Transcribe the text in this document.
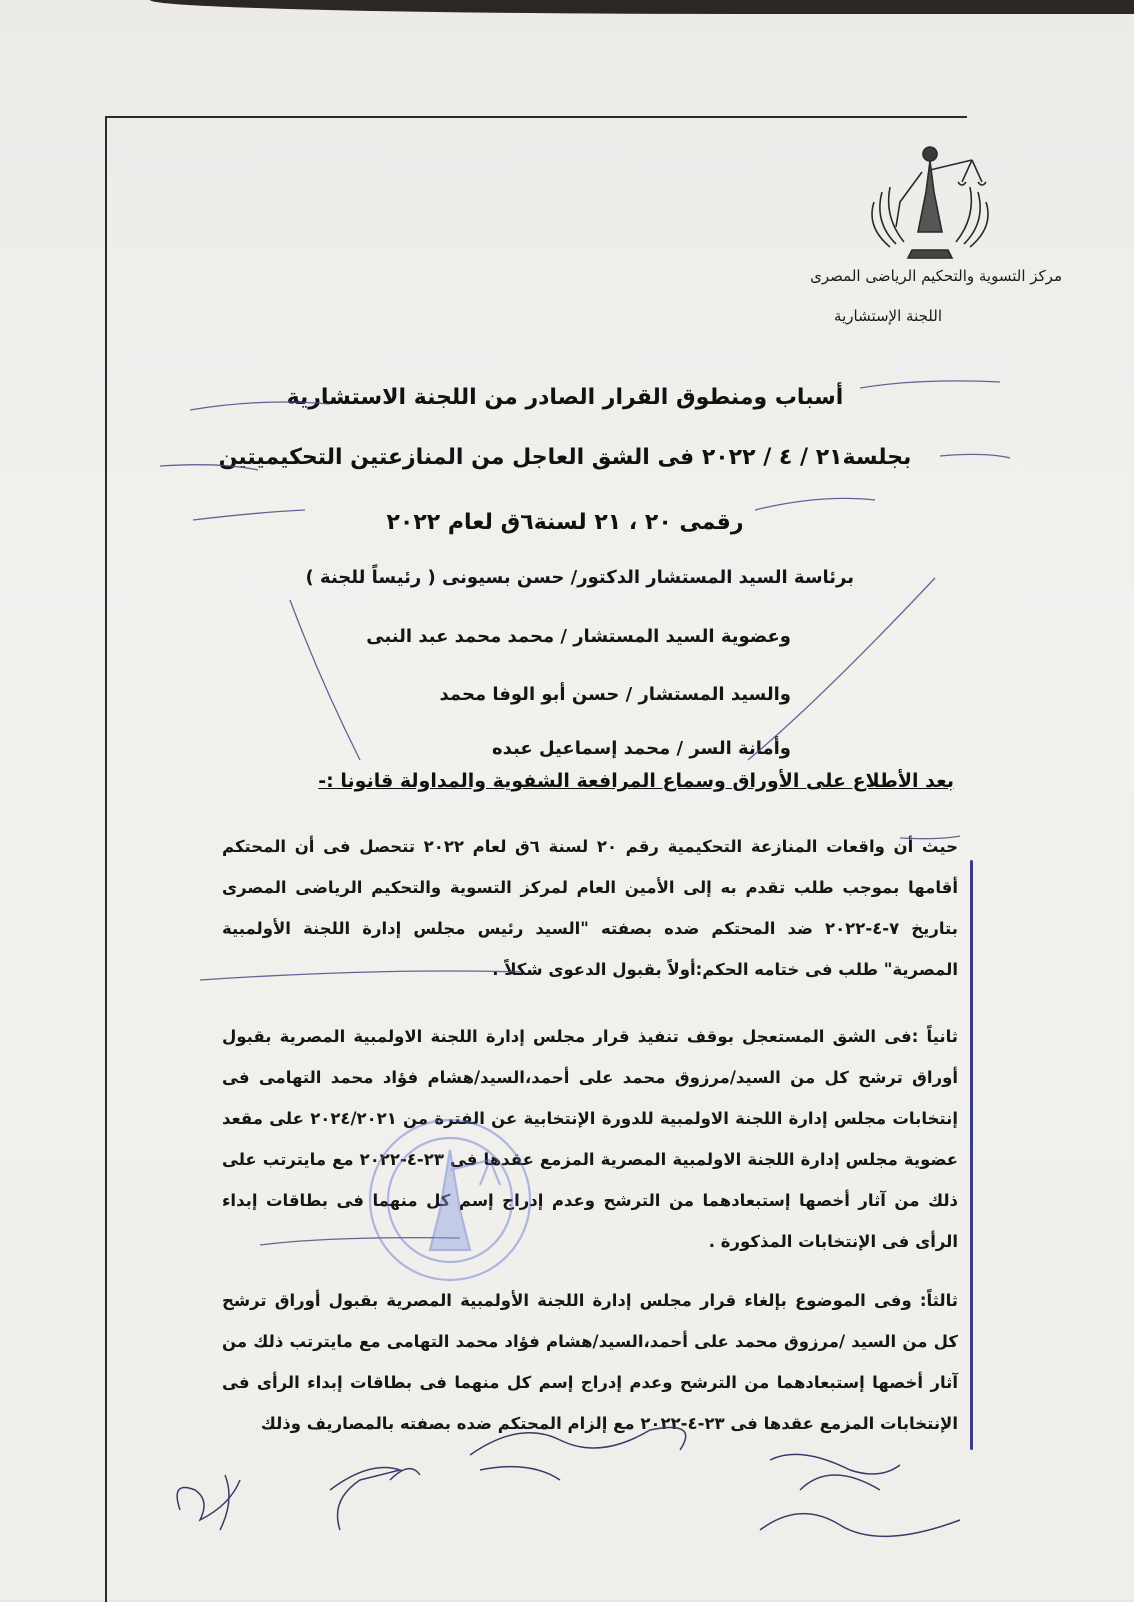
مركز التسوية والتحكيم الرياضى المصرى
اللجنة الإستشارية
أسباب ومنطوق القرار الصادر من اللجنة الاستشارية
بجلسة٢١ / ٤ / ٢٠٢٢ فى الشق العاجل من المنازعتين التحكيميتين
رقمى ٢٠ ، ٢١ لسنة٦ق لعام ٢٠٢٢
برئاسة السيد المستشار الدكتور/ حسن بسيونى ( رئيساً للجنة )
وعضوية السيد المستشار / محمد محمد عبد النبى
والسيد المستشار / حسن أبو الوفا محمد
وأمانة السر / محمد إسماعيل عبده
بعد الأطلاع على الأوراق وسماع المرافعة الشفوية والمداولة قانونا :-
حيث أن واقعات المنازعة التحكيمية رقم ٢٠ لسنة ٦ق لعام ٢٠٢٢ تتحصل فى أن المحتكم أقامها بموجب طلب تقدم به إلى الأمين العام لمركز التسوية والتحكيم الرياضى المصرى بتاريخ ٧-٤-٢٠٢٢ ضد المحتكم ضده بصفته "السيد رئيس مجلس إدارة اللجنة الأولمبية المصرية" طلب فى ختامه الحكم:أولاً بقبول الدعوى شكلاً .
ثانياً :فى الشق المستعجل بوقف تنفيذ قرار مجلس إدارة اللجنة الاولمبية المصرية بقبول أوراق ترشح كل من السيد/مرزوق محمد على أحمد،السيد/هشام فؤاد محمد التهامى فى إنتخابات مجلس إدارة اللجنة الاولمبية للدورة الإنتخابية عن الفترة من ٢٠٢٤/٢٠٢١ على مقعد عضوية مجلس إدارة اللجنة الاولمبية المصرية المزمع عقدها فى ٢٣-٤-٢٠٢٢ مع مايترتب على ذلك من آثار أخصها إستبعادهما من الترشح وعدم إدراج إسم كل منهما فى بطاقات إبداء الرأى فى الإنتخابات المذكورة .
ثالثاً: وفى الموضوع بإلغاء قرار مجلس إدارة اللجنة الأولمبية المصرية بقبول أوراق ترشح كل من السيد /مرزوق محمد على أحمد،السيد/هشام فؤاد محمد التهامى مع مايترتب ذلك من آثار أخصها إستبعادهما من الترشح وعدم إدراج إسم كل منهما فى بطاقات إبداء الرأى فى الإنتخابات المزمع عقدها فى ٢٣-٤-٢٠٢٢ مع إلزام المحتكم ضده بصفته بالمصاريف وذلك
